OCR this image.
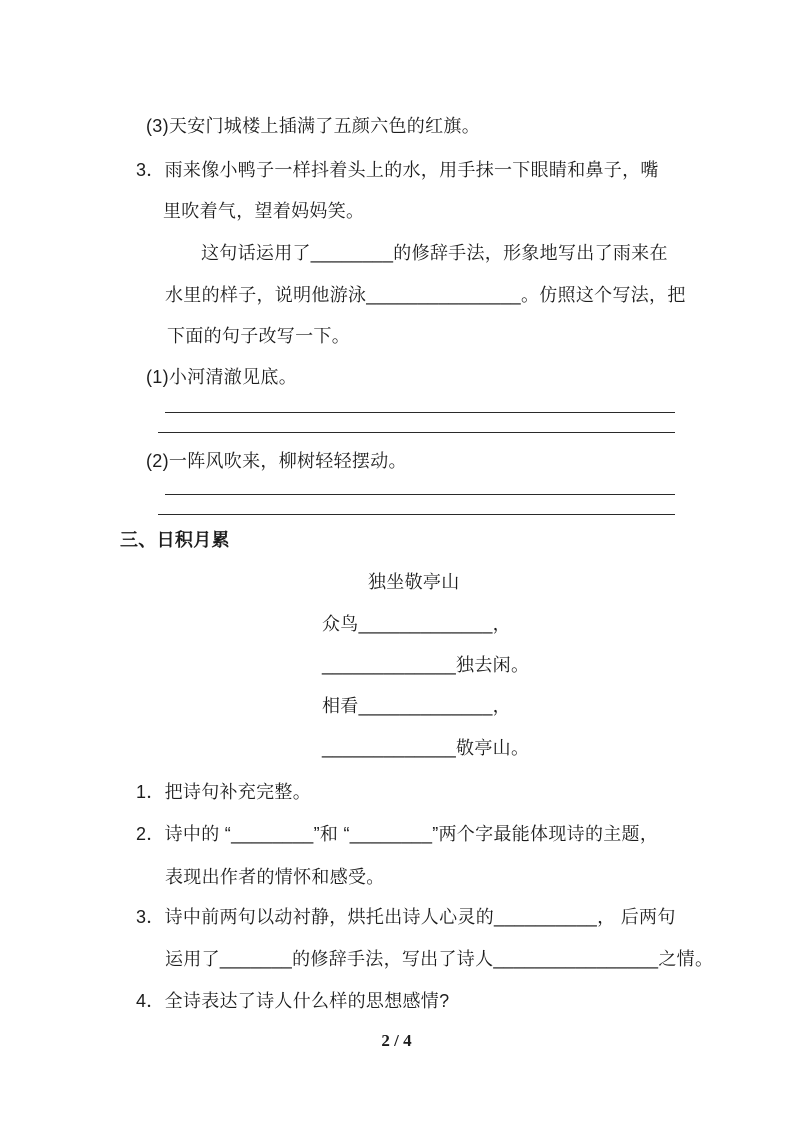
(3)天安门城楼上插满了五颜六色的红旗。
3．雨来像小鸭子一样抖着头上的水，用手抹一下眼睛和鼻子，嘴
里吹着气，望着妈妈笑。
这句话运用了________的修辞手法，形象地写出了雨来在
水里的样子，说明他游泳_______________。仿照这个写法，把
下面的句子改写一下。
(1)小河清澈见底。
(2)一阵风吹来，柳树轻轻摆动。
三、日积月累
独坐敬亭山
众鸟_____________，
_____________独去闲。
相看_____________，
_____________敬亭山。
1．把诗句补充完整。
2．诗中的 “________”和 “________”两个字最能体现诗的主题，
表现出作者的情怀和感受。
3．诗中前两句以动衬静，烘托出诗人心灵的__________， 后两句
运用了_______的修辞手法，写出了诗人________________之情。
4．全诗表达了诗人什么样的思想感情?
2 / 4
